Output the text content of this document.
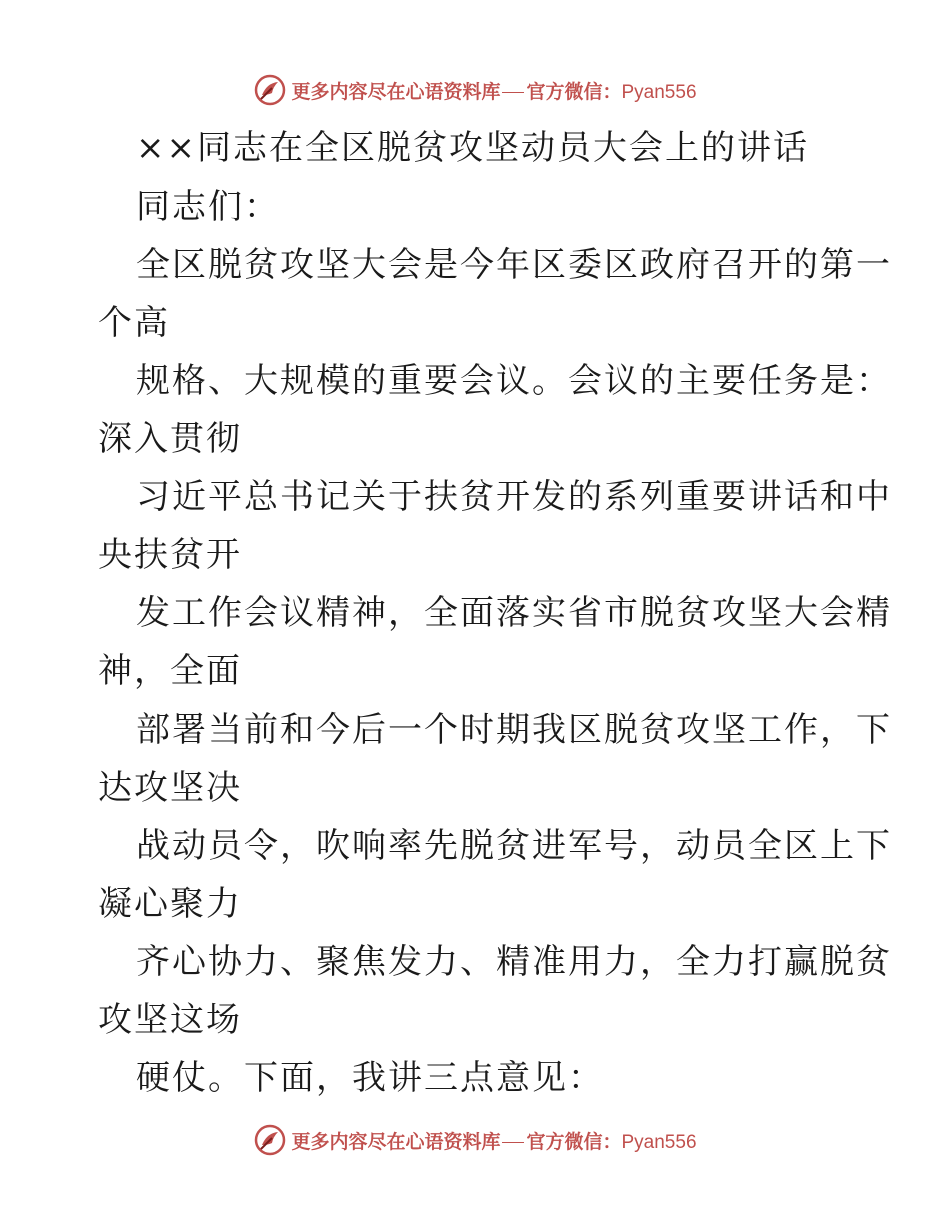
更多内容尽在心语资料库 官方微信：Pyan556
××同志在全区脱贫攻坚动员大会上的讲话
同志们：
全区脱贫攻坚大会是今年区委区政府召开的第一
个高
规格、大规模的重要会议。会议的主要任务是：
深入贯彻
习近平总书记关于扶贫开发的系列重要讲话和中
央扶贫开
发工作会议精神，全面落实省市脱贫攻坚大会精
神，全面
部署当前和今后一个时期我区脱贫攻坚工作，下
达攻坚决
战动员令，吹响率先脱贫进军号，动员全区上下
凝心聚力
齐心协力、聚焦发力、精准用力，全力打赢脱贫
攻坚这场
硬仗。下面，我讲三点意见：
更多内容尽在心语资料库 官方微信：Pyan556
